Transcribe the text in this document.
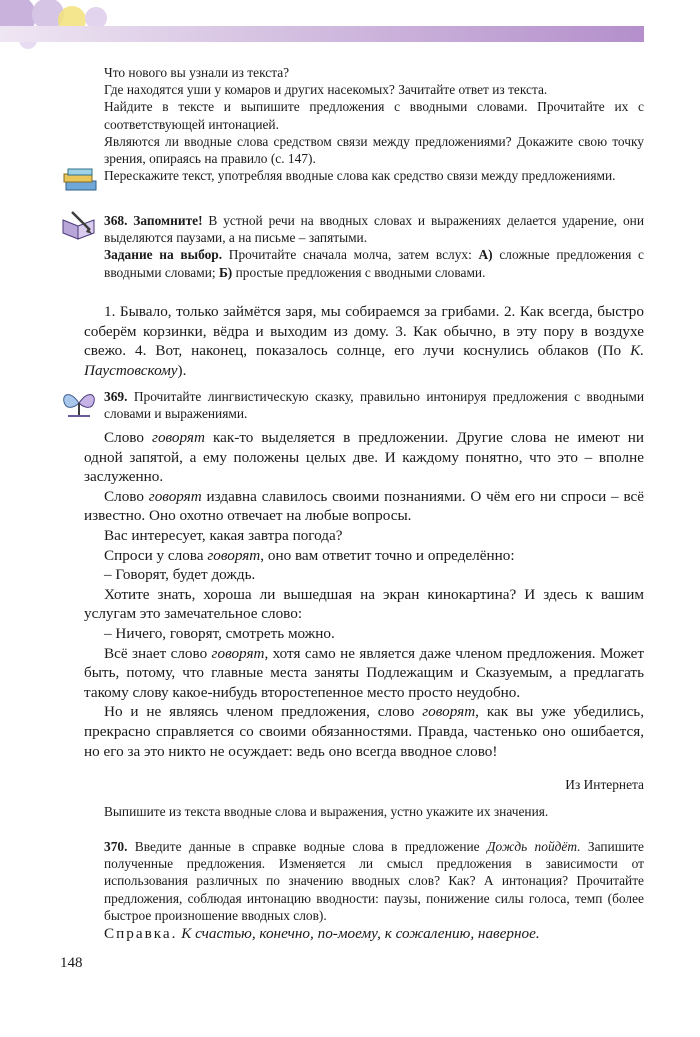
Что нового вы узнали из текста?

Где находятся уши у комаров и других насекомых? Зачитайте ответ из текста.

Найдите в тексте и выпишите предложения с вводными словами. Прочитайте их с соответствующей интонацией.

Являются ли вводные слова средством связи между предложениями? Докажите свою точку зрения, опираясь на правило (с. 147).

Перескажите текст, употребляя вводные слова как средство связи между предложениями.

368. Запомните! В устной речи на вводных словах и выражениях делается ударение, они выделяются паузами, а на письме – запятыми.

Задание на выбор. Прочитайте сначала молча, затем вслух: А) сложные предложения с вводными словами; Б) простые предложения с вводными словами.

1. Бывало, только займётся заря, мы собираемся за грибами. 2. Как всегда, быстро соберём корзинки, вёдра и выходим из дому. 3. Как обычно, в эту пору в воздухе свежо. 4. Вот, наконец, показалось солнце, его лучи коснулись облаков (По К. Паустовскому).

369. Прочитайте лингвистическую сказку, правильно интонируя предложения с вводными словами и выражениями.

Слово говорят как-то выделяется в предложении. Другие слова не имеют ни одной запятой, а ему положены целых две. И каждому понятно, что это – вполне заслуженно.

Слово говорят издавна славилось своими познаниями. О чём его ни спроси – всё известно. Оно охотно отвечает на любые вопросы.

Вас интересует, какая завтра погода?

Спроси у слова говорят, оно вам ответит точно и определённо:

– Говорят, будет дождь.

Хотите знать, хороша ли вышедшая на экран кинокартина? И здесь к вашим услугам это замечательное слово:

– Ничего, говорят, смотреть можно.

Всё знает слово говорят, хотя само не является даже членом предложения. Может быть, потому, что главные места заняты Подлежащим и Сказуемым, а предлагать такому слову какое-нибудь второстепенное место просто неудобно.

Но и не являясь членом предложения, слово говорят, как вы уже убедились, прекрасно справляется со своими обязанностями. Правда, частенько оно ошибается, но его за это никто не осуждает: ведь оно всегда вводное слово!

Из Интернета

Выпишите из текста вводные слова и выражения, устно укажите их значения.

370. Введите данные в справке водные слова в предложение Дождь пойдёт. Запишите полученные предложения. Изменяется ли смысл предложения в зависимости от использования различных по значению вводных слов? Как? А интонация? Прочитайте предложения, соблюдая интонацию вводности: паузы, понижение силы голоса, темп (более быстрое произношение вводных слов).

Справка. К счастью, конечно, по-моему, к сожалению, наверное.

148
